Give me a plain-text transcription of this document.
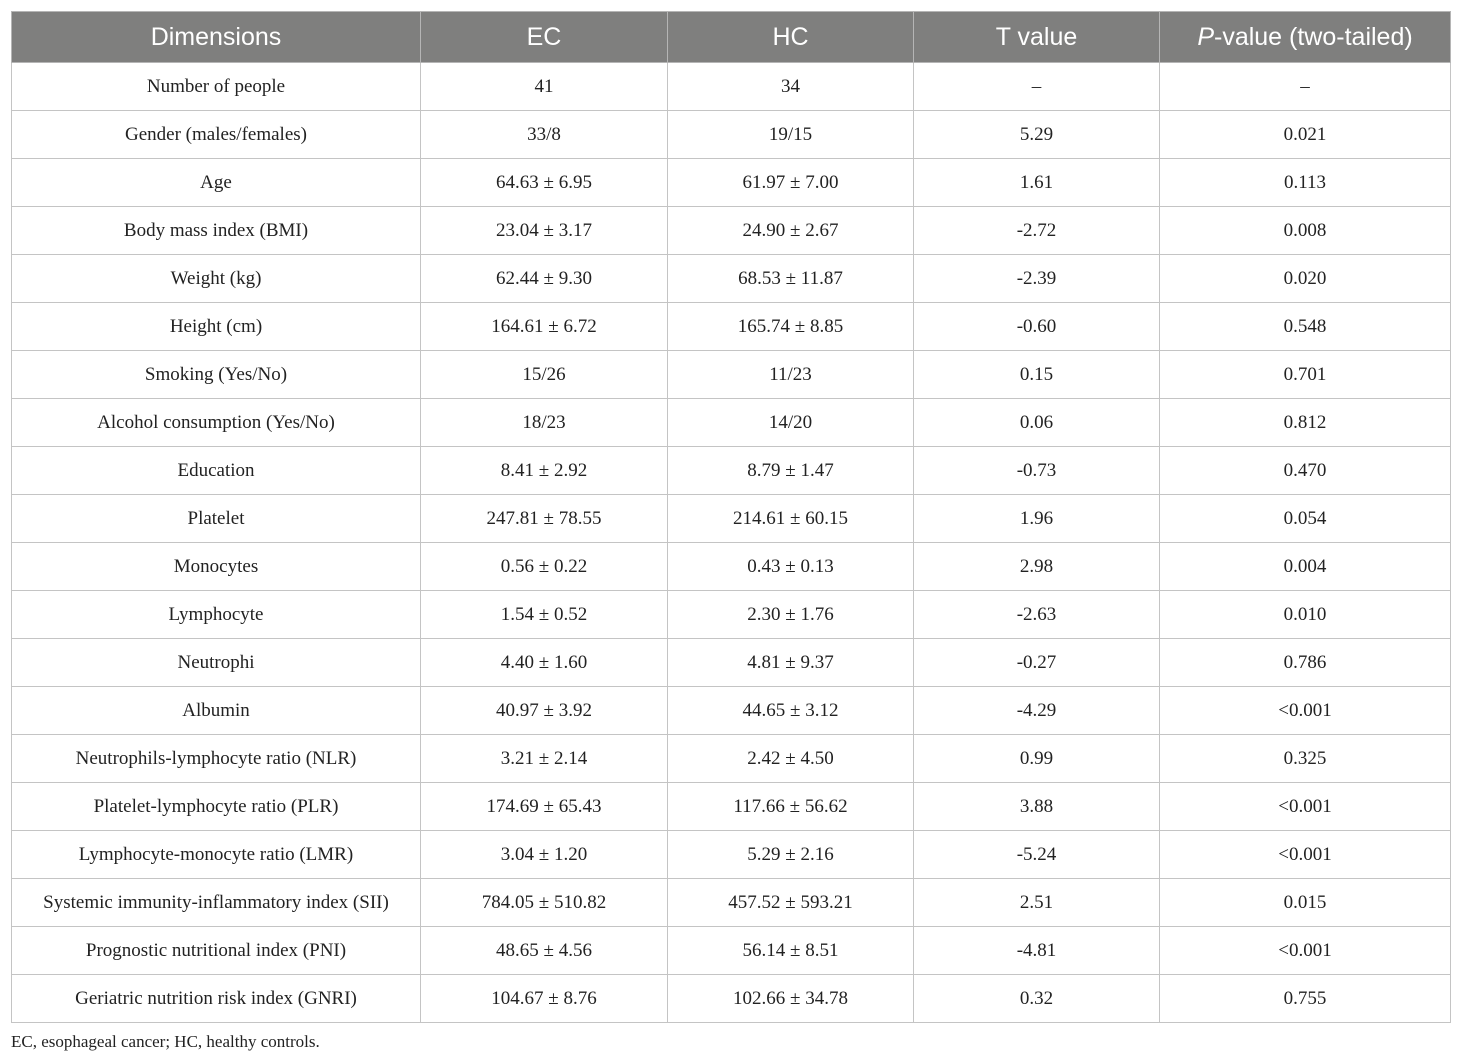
Dimensions	EC	HC	T value	P-value (two-tailed)
Number of people	41	34	–	–
Gender (males/females)	33/8	19/15	5.29	0.021
Age	64.63 ± 6.95	61.97 ± 7.00	1.61	0.113
Body mass index (BMI)	23.04 ± 3.17	24.90 ± 2.67	-2.72	0.008
Weight (kg)	62.44 ± 9.30	68.53 ± 11.87	-2.39	0.020
Height (cm)	164.61 ± 6.72	165.74 ± 8.85	-0.60	0.548
Smoking (Yes/No)	15/26	11/23	0.15	0.701
Alcohol consumption (Yes/No)	18/23	14/20	0.06	0.812
Education	8.41 ± 2.92	8.79 ± 1.47	-0.73	0.470
Platelet	247.81 ± 78.55	214.61 ± 60.15	1.96	0.054
Monocytes	0.56 ± 0.22	0.43 ± 0.13	2.98	0.004
Lymphocyte	1.54 ± 0.52	2.30 ± 1.76	-2.63	0.010
Neutrophi	4.40 ± 1.60	4.81 ± 9.37	-0.27	0.786
Albumin	40.97 ± 3.92	44.65 ± 3.12	-4.29	<0.001
Neutrophils-lymphocyte ratio (NLR)	3.21 ± 2.14	2.42 ± 4.50	0.99	0.325
Platelet-lymphocyte ratio (PLR)	174.69 ± 65.43	117.66 ± 56.62	3.88	<0.001
Lymphocyte-monocyte ratio (LMR)	3.04 ± 1.20	5.29 ± 2.16	-5.24	<0.001
Systemic immunity-inflammatory index (SII)	784.05 ± 510.82	457.52 ± 593.21	2.51	0.015
Prognostic nutritional index (PNI)	48.65 ± 4.56	56.14 ± 8.51	-4.81	<0.001
Geriatric nutrition risk index (GNRI)	104.67 ± 8.76	102.66 ± 34.78	0.32	0.755
EC, esophageal cancer; HC, healthy controls.
